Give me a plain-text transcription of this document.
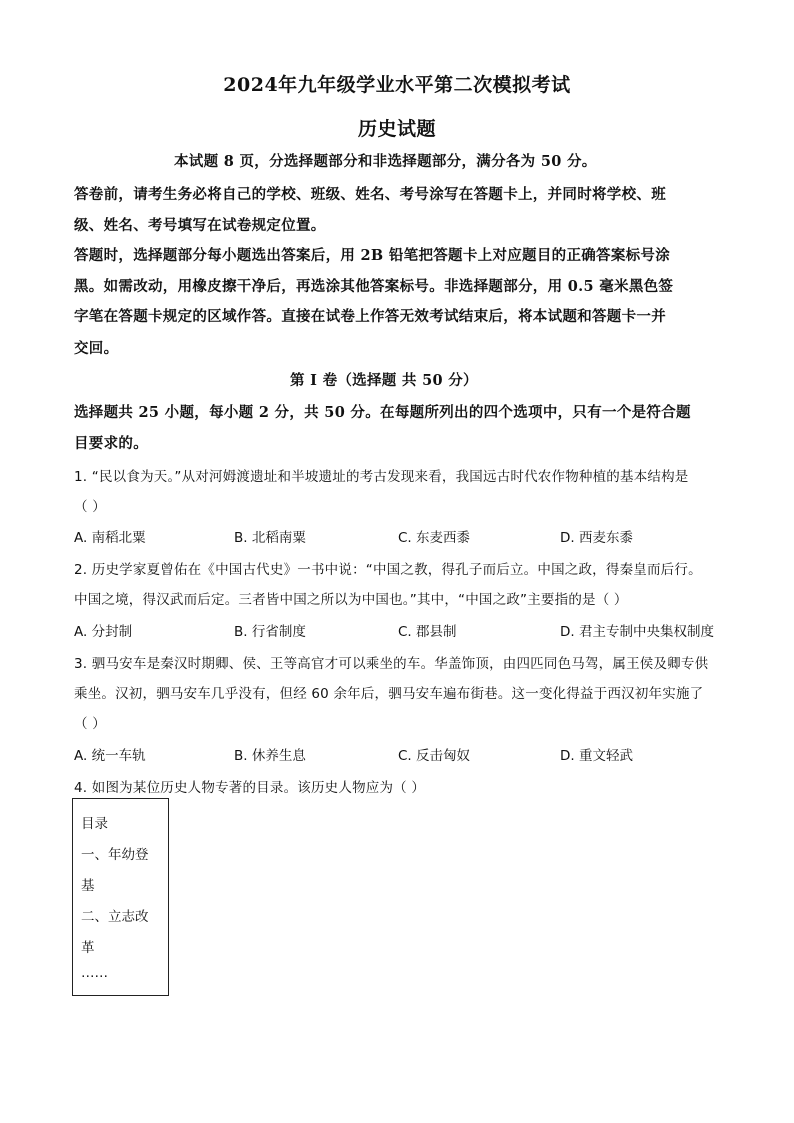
2024年九年级学业水平第二次模拟考试
历史试题
本试题 8 页，分选择题部分和非选择题部分，满分各为 50 分。
答卷前，请考生务必将自己的学校、班级、姓名、考号涂写在答题卡上，并同时将学校、班
级、姓名、考号填写在试卷规定位置。
答题时，选择题部分每小题选出答案后，用 2B 铅笔把答题卡上对应题目的正确答案标号涂
黑。如需改动，用橡皮擦干净后，再选涂其他答案标号。非选择题部分，用 0.5 毫米黑色签
字笔在答题卡规定的区域作答。直接在试卷上作答无效考试结束后，将本试题和答题卡一并
交回。
第 I 卷（选择题 共 50 分）
选择题共 25 小题，每小题 2 分，共 50 分。在每题所列出的四个选项中，只有一个是符合题
目要求的。
1. “民以食为天。”从对河姆渡遗址和半坡遗址的考古发现来看，我国远古时代农作物种植的基本结构是
（ ）
A. 南稻北粟	B. 北稻南粟	C. 东麦西黍	D. 西麦东黍
2. 历史学家夏曾佑在《中国古代史》一书中说：“中国之教，得孔子而后立。中国之政，得秦皇而后行。
中国之境，得汉武而后定。三者皆中国之所以为中国也。”其中，“中国之政”主要指的是（ ）
A. 分封制	B. 行省制度	C. 郡县制	D. 君主专制中央集权制度
3. 驷马安车是秦汉时期卿、侯、王等高官才可以乘坐的车。华盖饰顶，由四匹同色马驾，属王侯及卿专供
乘坐。汉初，驷马安车几乎没有，但经 60 余年后，驷马安车遍布街巷。这一变化得益于西汉初年实施了
（ ）
A. 统一车轨	B. 休养生息	C. 反击匈奴	D. 重文轻武
4. 如图为某位历史人物专著的目录。该历史人物应为（ ）
目录
一、年幼登
基
二、立志改
革
……
